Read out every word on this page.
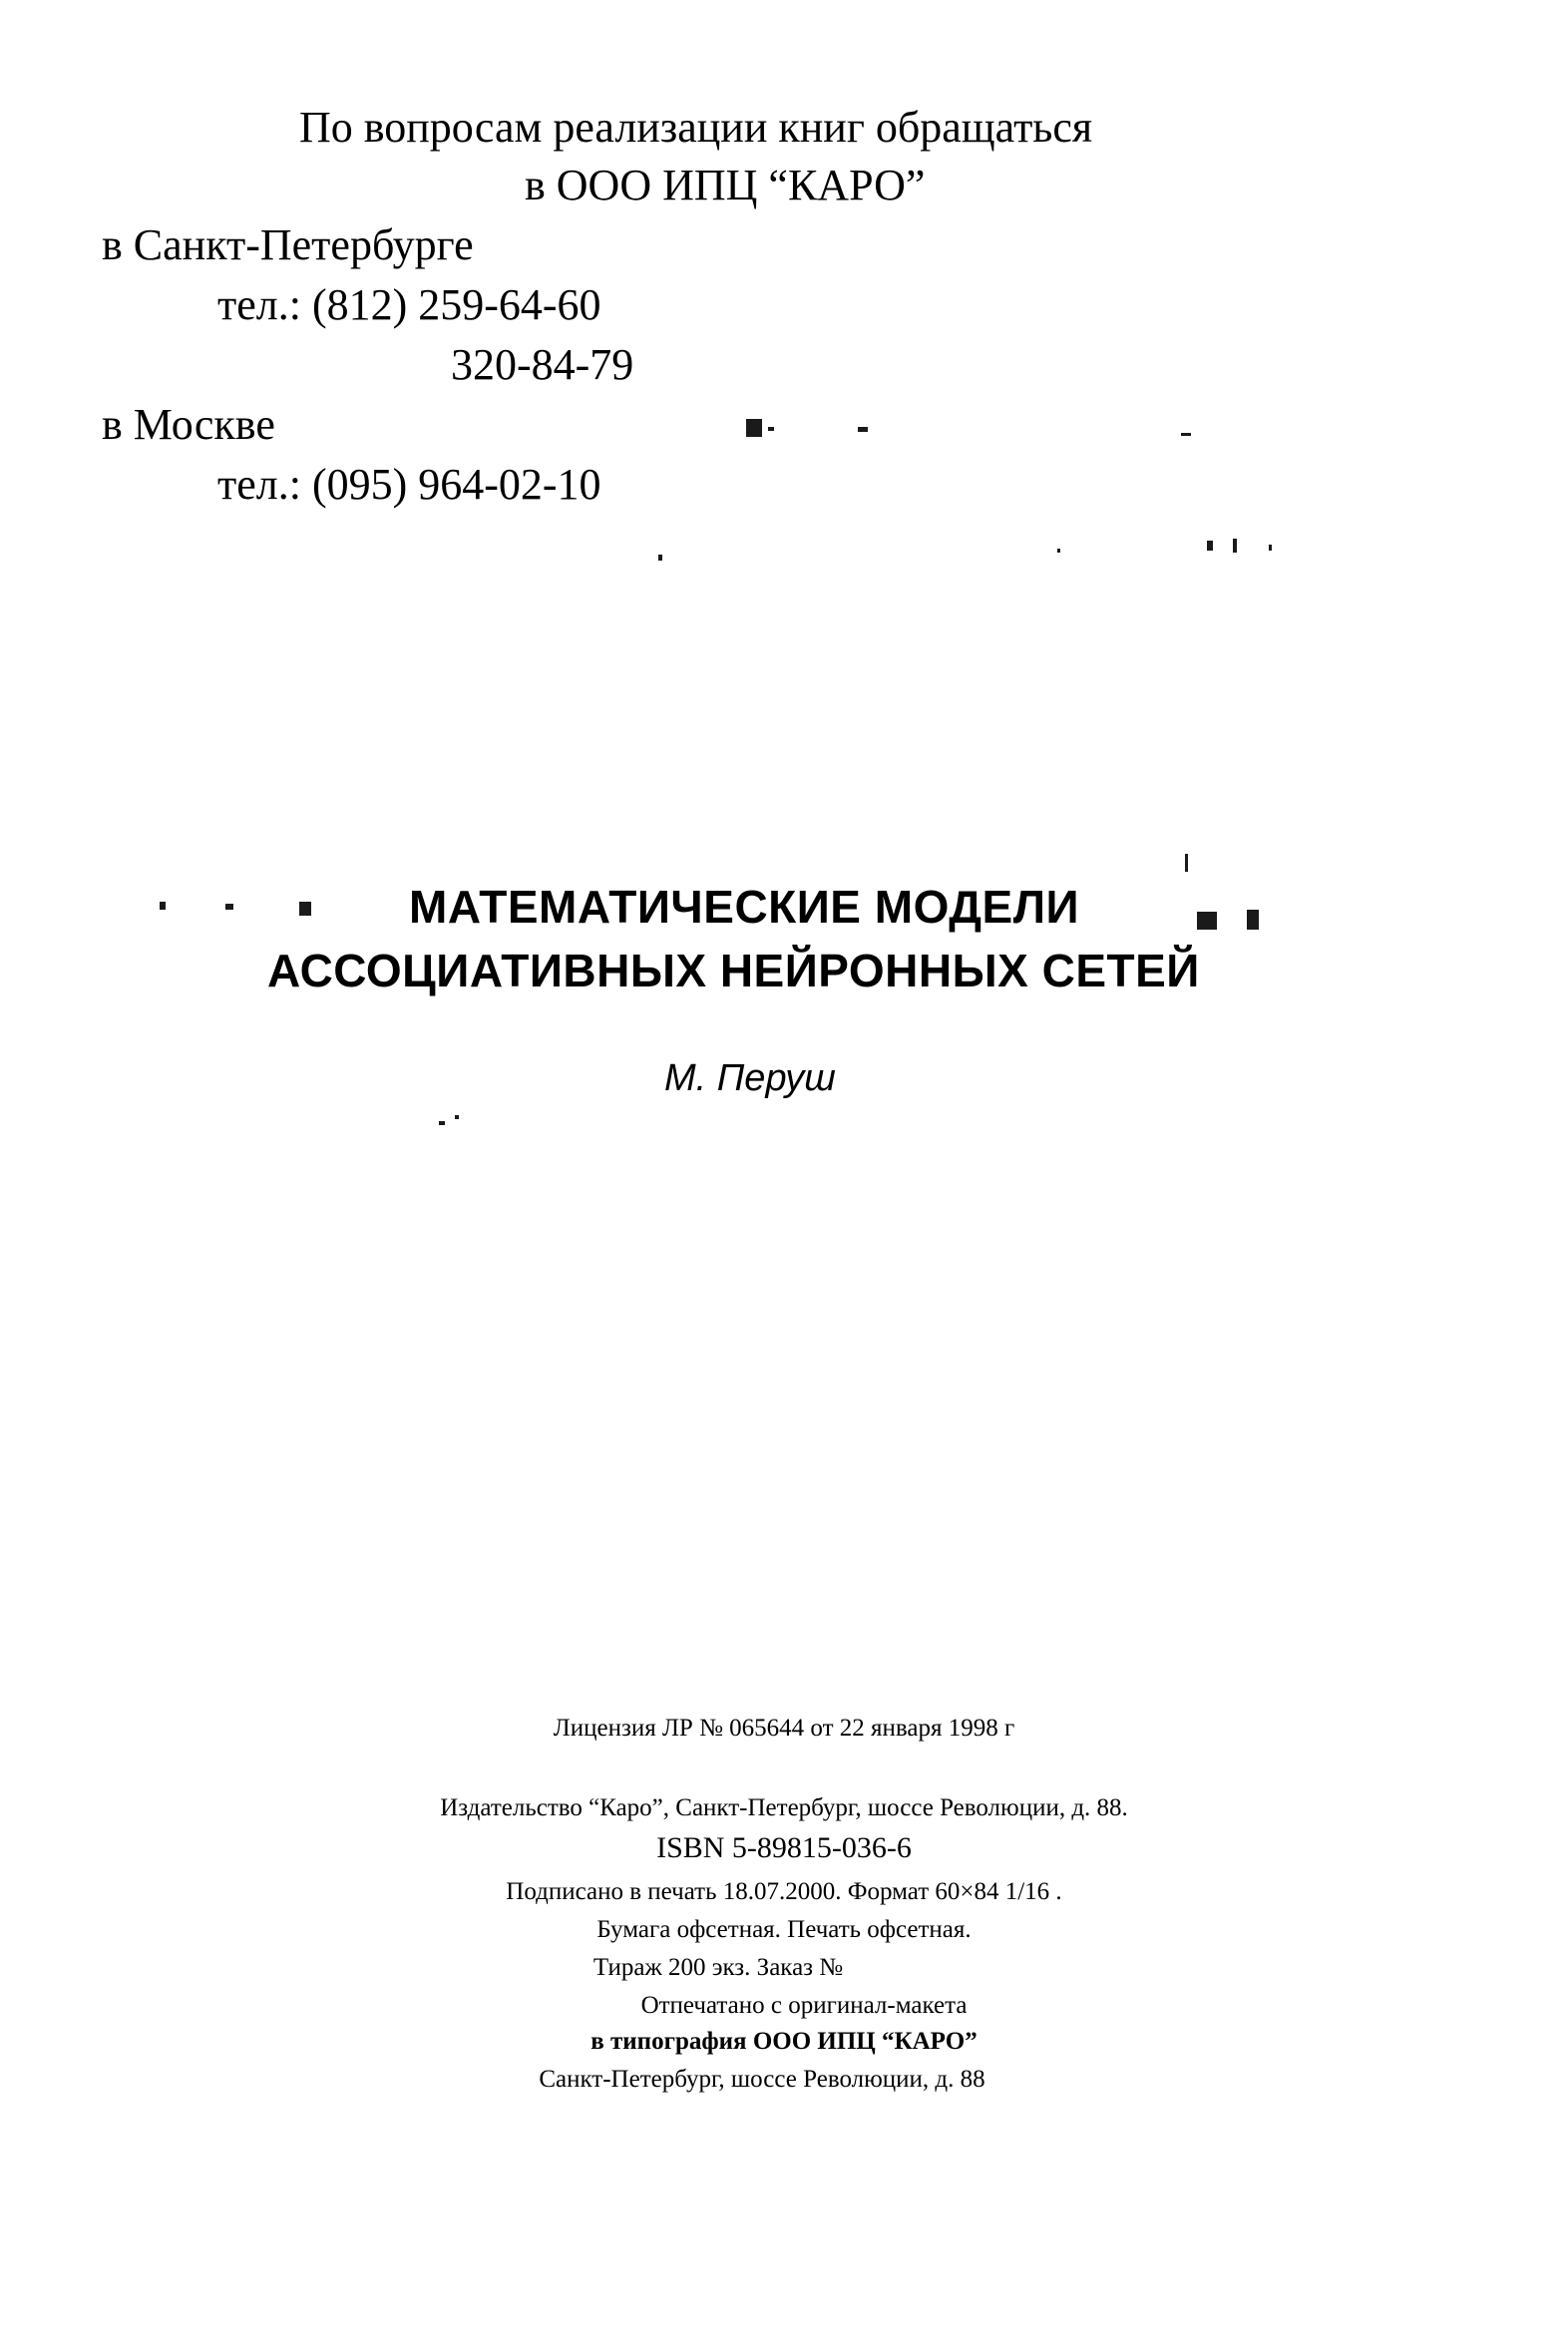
По вопросам реализации книг обращаться
в ООО ИПЦ “КАРО”
в Санкт-Петербурге
тел.: (812) 259-64-60
320-84-79
в Москве
тел.: (095) 964-02-10
МАТЕМАТИЧЕСКИЕ МОДЕЛИ
АССОЦИАТИВНЫХ НЕЙРОННЫХ СЕТЕЙ
М. Перуш
Лицензия ЛР № 065644 от 22 января 1998 г
Издательство “Каро”, Санкт-Петербург, шоссе Революции, д. 88.
ISBN 5-89815-036-6
Подписано в печать 18.07.2000. Формат 60×84 1/16 .
Бумага офсетная. Печать офсетная.
Тираж 200 экз. Заказ №
Отпечатано с оригинал-макета
в типография ООО ИПЦ “КАРО”
Санкт-Петербург, шоссе Революции, д. 88
